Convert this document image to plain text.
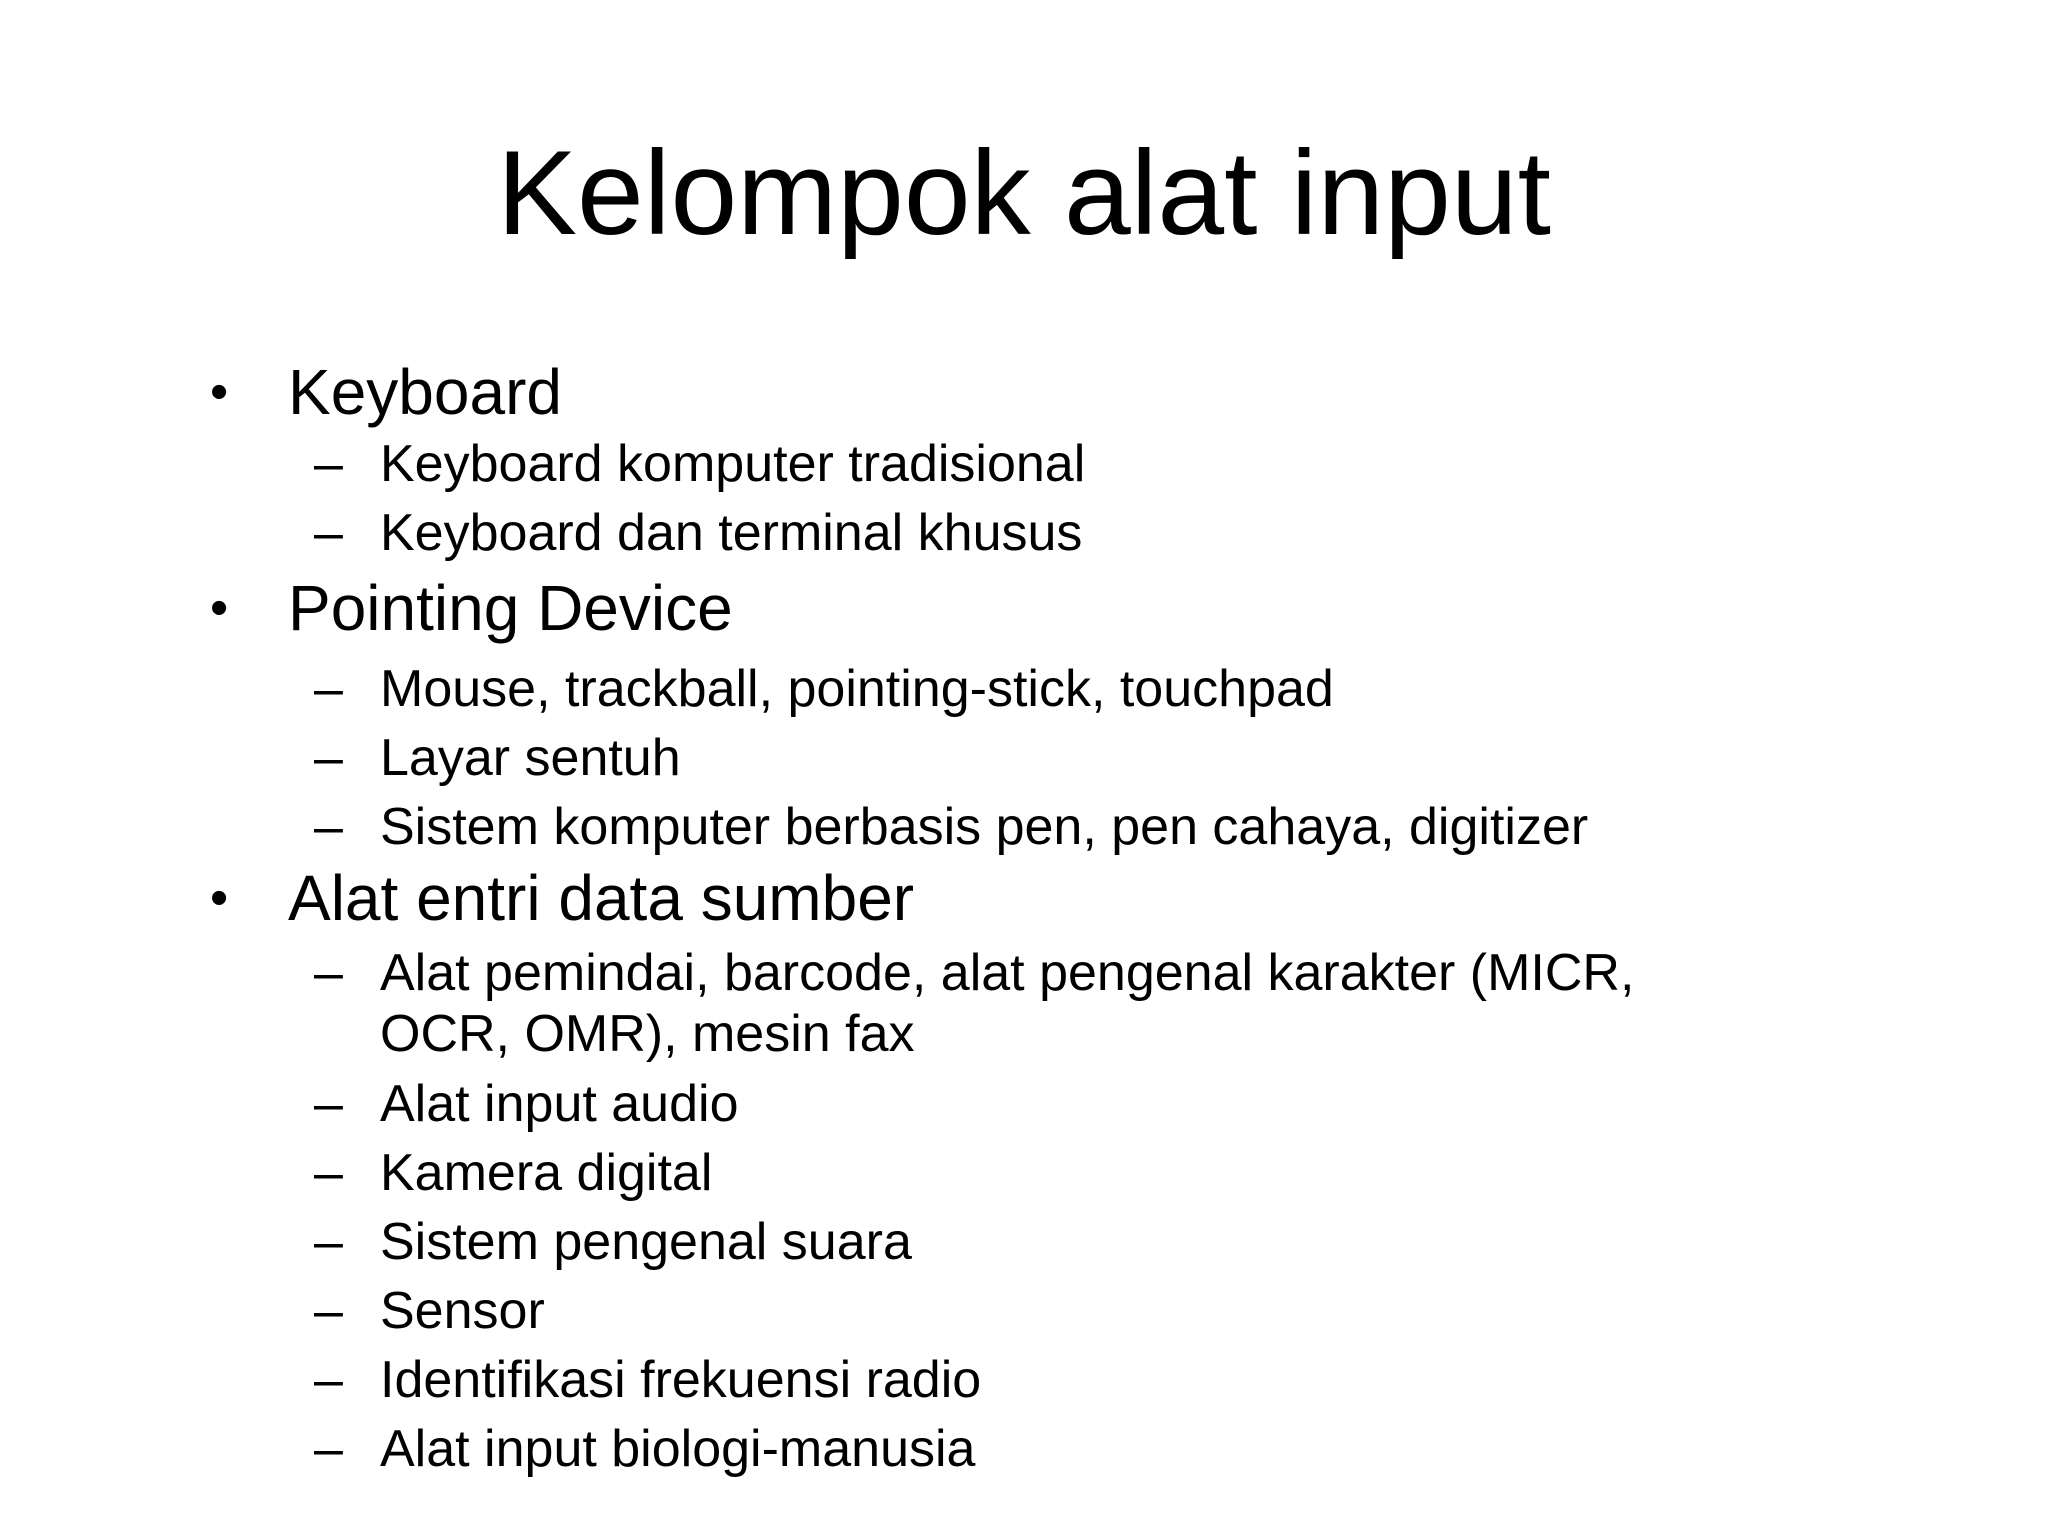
Kelompok alat input
• Keyboard
– Keyboard komputer tradisional
– Keyboard dan terminal khusus
• Pointing Device
– Mouse, trackball, pointing-stick, touchpad
– Layar sentuh
– Sistem komputer berbasis pen, pen cahaya, digitizer
• Alat entri data sumber
– Alat pemindai, barcode, alat pengenal karakter (MICR,
OCR, OMR), mesin fax
– Alat input audio
– Kamera digital
– Sistem pengenal suara
– Sensor
– Identifikasi frekuensi radio
– Alat input biologi-manusia
